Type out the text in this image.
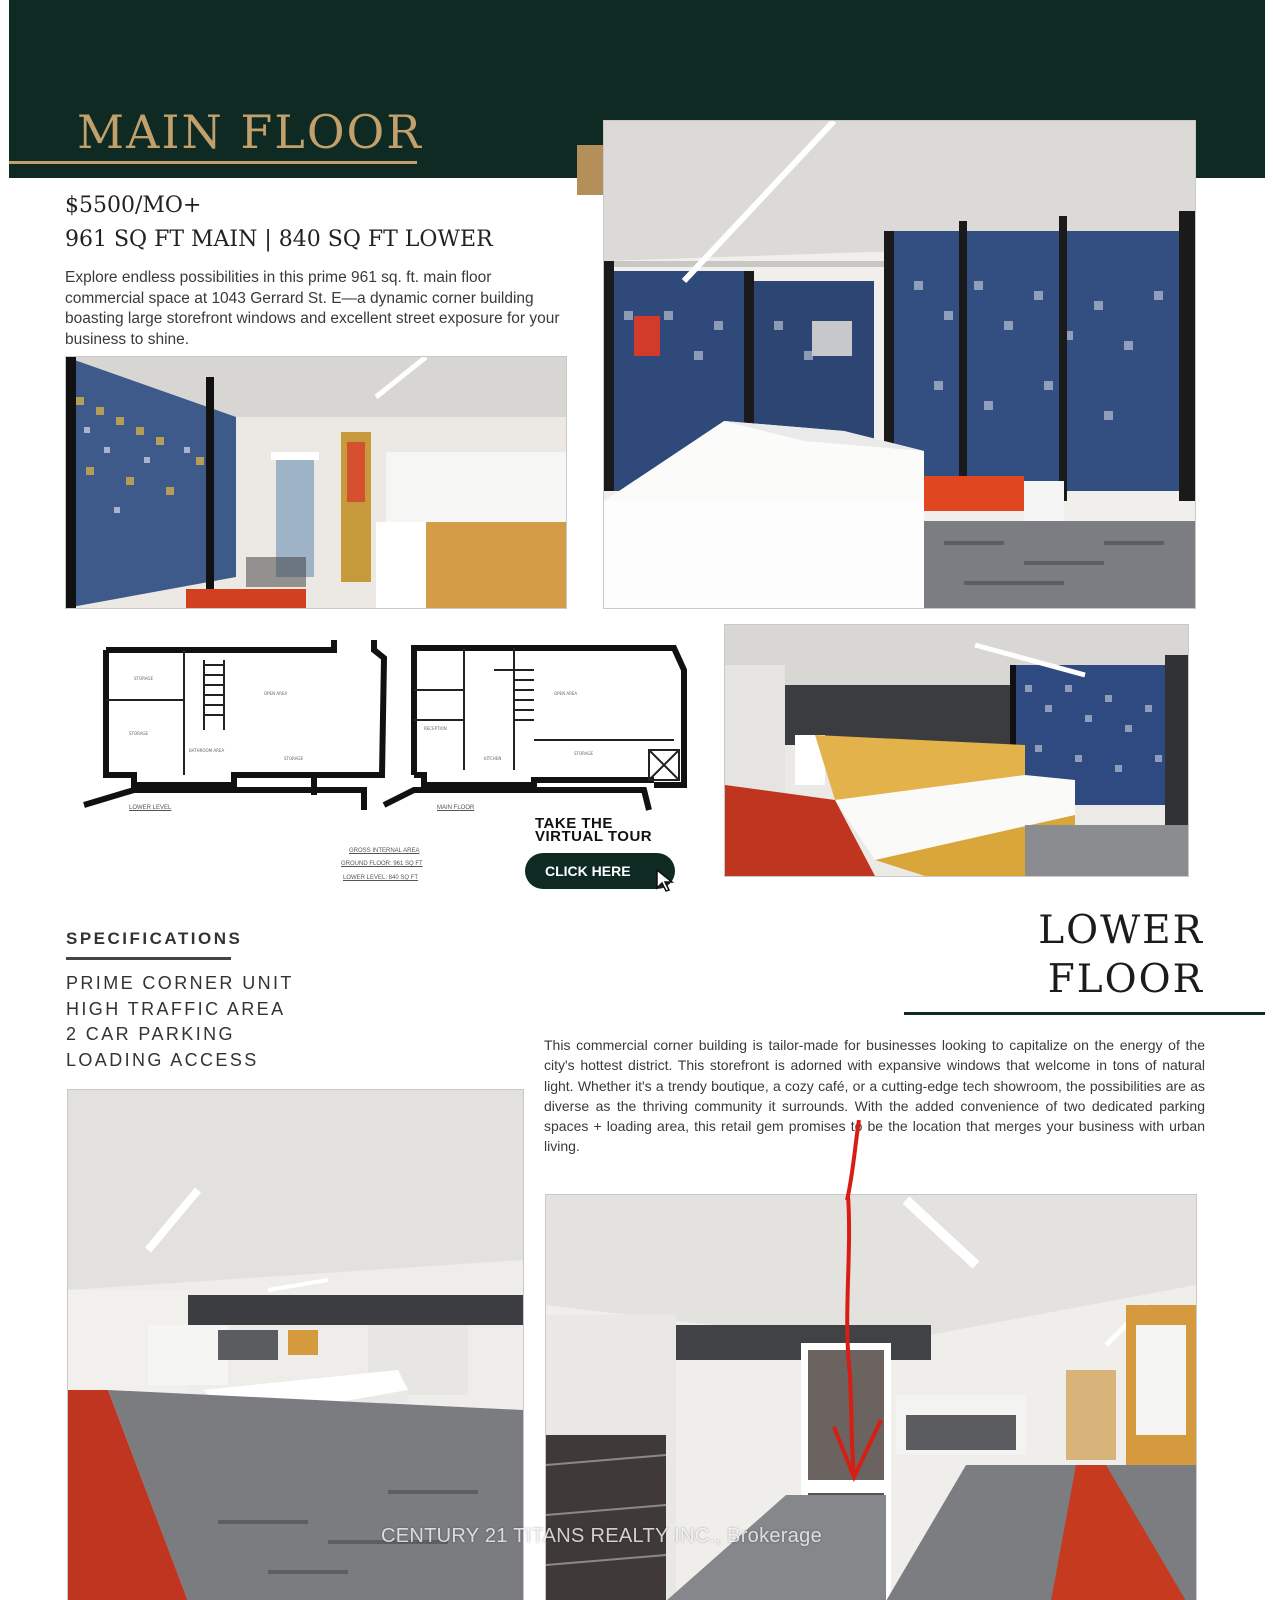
MAIN FLOOR
$5500/MO+
961 SQ FT MAIN | 840 SQ FT LOWER
Explore endless possibilities in this prime 961 sq. ft. main floor commercial space at 1043 Gerrard St. E—a dynamic corner building boasting large storefront windows and excellent street exposure for your business to shine.
STORAGE
STORAGE
OPEN AREA
BATHROOM AREA
STORAGE
OPEN AREA
RECEPTION
KITCHEN
STORAGE
LOWER LEVEL	MAIN FLOOR
GROSS INTERNAL AREA
GROUND FLOOR: 961 SQ FT
LOWER LEVEL: 840 SQ FT
TAKE THE
VIRTUAL TOUR
CLICK HERE
SPECIFICATIONS
PRIME CORNER UNIT
HIGH TRAFFIC AREA
2 CAR PARKING
LOADING ACCESS
LOWER
FLOOR
This commercial corner building is tailor-made for businesses looking to capitalize on the energy of the city's hottest district. This storefront is adorned with expansive windows that welcome in tons of natural light. Whether it's a trendy boutique, a cozy café, or a cutting-edge tech showroom, the possibilities are as diverse as the thriving community it surrounds. With the added convenience of two dedicated parking spaces + loading area, this retail gem promises to be the location that merges your business with urban living.
CENTURY 21 TITANS REALTY INC., Brokerage
